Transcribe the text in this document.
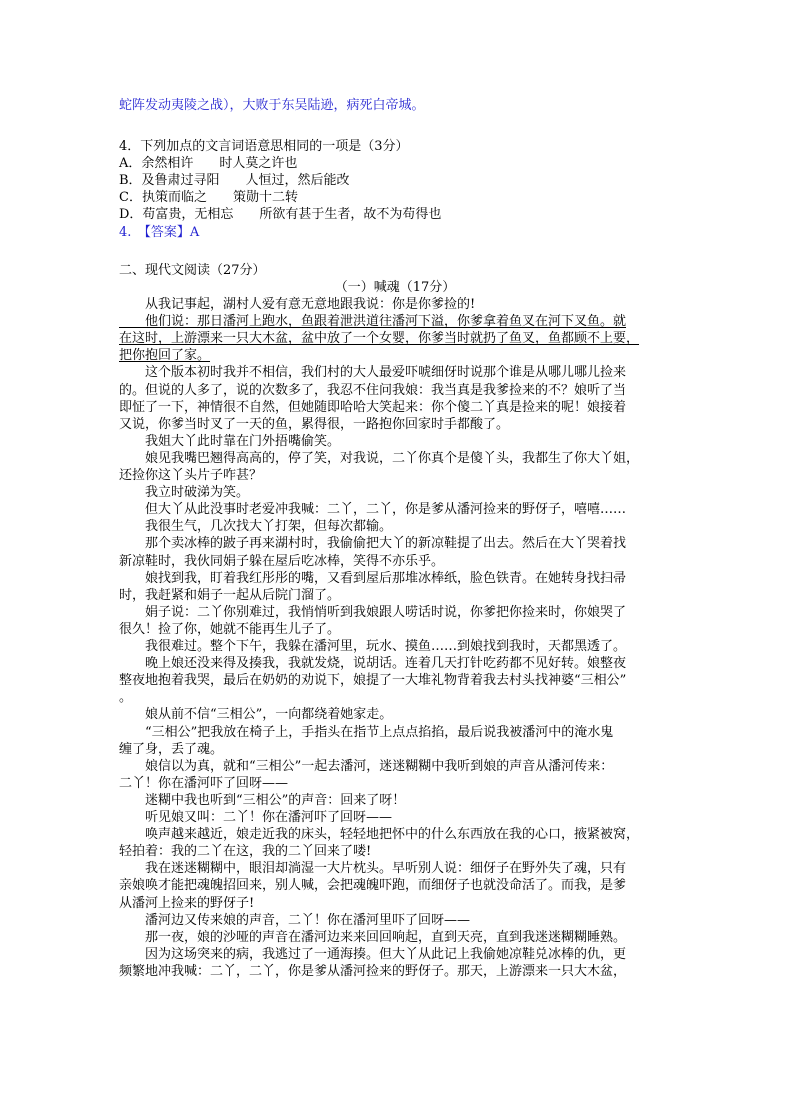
蛇阵发动夷陵之战），大败于东吴陆逊，病死白帝城。

4．下列加点的文言词语意思相同的一项是（3分）

A．余然相许　　时人莫之许也

B．及鲁肃过寻阳　　人恒过，然后能改

C．执策而临之　　策勋十二转

D．苟富贵，无相忘　　所欲有甚于生者，故不为苟得也

4.　【答案】A

二、现代文阅读（27分）

（一）喊魂（17分）

　　从我记事起，湖村人爱有意无意地跟我说：你是你爹捡的!

　　他们说：那日潘河上跑水，鱼跟着泄洪道往潘河下溢，你爹拿着鱼叉在河下叉鱼。就

在这时，上游漂来一只大木盆，盆中放了一个女婴，你爹当时就扔了鱼叉，鱼都顾不上要，

把你抱回了家。

　　这个版本初时我并不相信，我们村的大人最爱吓唬细伢时说那个谁是从哪儿哪儿捡来

的。但说的人多了，说的次数多了，我忍不住问我娘：我当真是我爹捡来的不？娘听了当

即怔了一下，神情很不自然，但她随即哈哈大笑起来：你个傻二丫真是捡来的呢！娘接着

又说，你爹当时叉了一天的鱼，累得很，一路抱你回家时手都酸了。

　　我姐大丫此时靠在门外捂嘴偷笑。

　　娘见我嘴巴翘得高高的，停了笑，对我说，二丫你真个是傻丫头，我都生了你大丫姐，

还捡你这丫头片子咋甚？

　　我立时破涕为笑。

　　但大丫从此没事时老爱冲我喊：二丫，二丫，你是爹从潘河捡来的野伢子，嘻嘻……

　　我很生气，几次找大丫打架，但每次都输。

　　那个卖冰棒的跛子再来湖村时，我偷偷把大丫的新凉鞋提了出去。然后在大丫哭着找

新凉鞋时，我伙同娟子躲在屋后吃冰棒，笑得不亦乐乎。

　　娘找到我，盯着我红彤彤的嘴，又看到屋后那堆冰棒纸，脸色铁青。在她转身找扫帚

时，我赶紧和娟子一起从后院门溜了。

　　娟子说：二丫你别难过，我悄悄听到我娘跟人唠话时说，你爹把你捡来时，你娘哭了

很久！捡了你，她就不能再生儿子了。

　　我很难过。整个下午，我躲在潘河里，玩水、摸鱼……到娘找到我时，天都黑透了。

　　晚上娘还没来得及揍我，我就发烧，说胡话。连着几天打针吃药都不见好转。娘整夜

整夜地抱着我哭，最后在奶奶的劝说下，娘提了一大堆礼物背着我去村头找神婆“三相公”

。

　　娘从前不信“三相公”，一向都绕着她家走。

　　“三相公”把我放在椅子上，手指头在指节上点点掐掐，最后说我被潘河中的淹水鬼

缠了身，丢了魂。

　　娘信以为真，就和“三相公”一起去潘河，迷迷糊糊中我听到娘的声音从潘河传来：

二丫！你在潘河吓了回呀——

　　迷糊中我也听到“三相公”的声音：回来了呀！

　　听见娘又叫：二丫！你在潘河吓了回呀——

　　唤声越来越近，娘走近我的床头，轻轻地把怀中的什么东西放在我的心口，掖紧被窝，

轻拍着：我的二丫在这，我的二丫回来了喽!

　　我在迷迷糊糊中，眼泪却淌湿一大片枕头。早听别人说：细伢子在野外失了魂，只有

亲娘唤才能把魂魄招回来，别人喊，会把魂魄吓跑，而细伢子也就没命活了。而我，是爹

从潘河上捡来的野伢子!

　　潘河边又传来娘的声音，二丫！你在潘河里吓了回呀——

　　那一夜，娘的沙哑的声音在潘河边来来回回响起，直到天亮，直到我迷迷糊糊睡熟。

　　因为这场突来的病，我逃过了一通海揍。但大丫从此记上我偷她凉鞋兑冰棒的仇，更

频繁地冲我喊：二丫，二丫，你是爹从潘河捡来的野伢子。那天，上游漂来一只大木盆，
